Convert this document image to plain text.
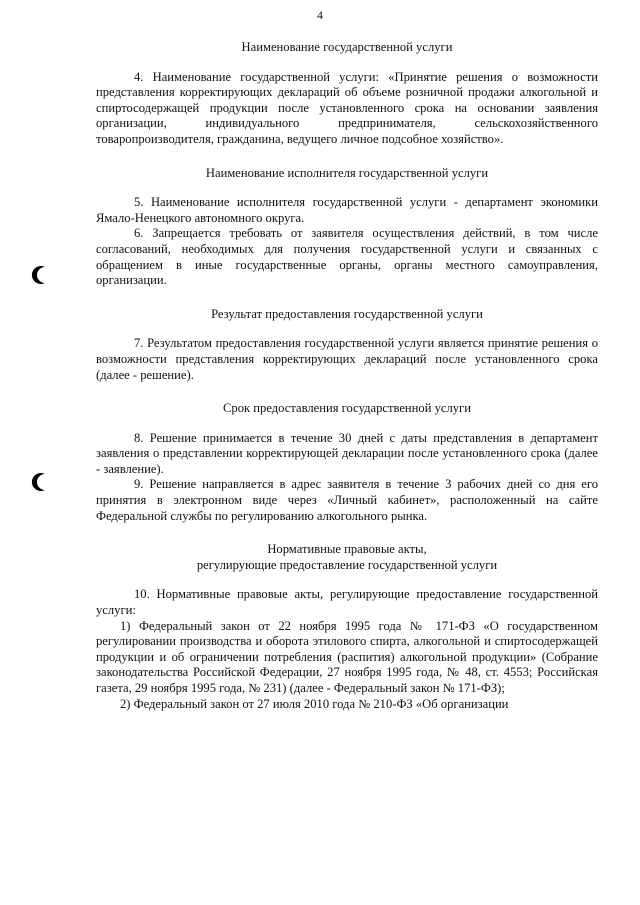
4

Наименование государственной услуги

4. Наименование государственной услуги: «Принятие решения о возможности представления корректирующих деклараций об объеме розничной продажи алкогольной и спиртосодержащей продукции после установленного срока на основании заявления организации, индивидуального предпринимателя, сельскохозяйственного товаропроизводителя, гражданина, ведущего личное подсобное хозяйство».

Наименование исполнителя государственной услуги

5. Наименование исполнителя государственной услуги - департамент экономики Ямало-Ненецкого автономного округа.

6. Запрещается требовать от заявителя осуществления действий, в том числе согласований, необходимых для получения государственной услуги и связанных с обращением в иные государственные органы, органы местного самоуправления, организации.

Результат предоставления государственной услуги

7. Результатом предоставления государственной услуги является принятие решения о возможности представления корректирующих деклараций после установленного срока (далее - решение).

Срок предоставления государственной услуги

8. Решение принимается в течение 30 дней с даты представления в департамент заявления о представлении корректирующей декларации после установленного срока (далее - заявление).

9. Решение направляется в адрес заявителя в течение 3 рабочих дней со дня его принятия в электронном виде через «Личный кабинет», расположенный на сайте Федеральной службы по регулированию алкогольного рынка.

Нормативные правовые акты,

регулирующие предоставление государственной услуги

10. Нормативные правовые акты, регулирующие предоставление государственной услуги:

1) Федеральный закон от 22 ноября 1995 года № 171-ФЗ «О государственном регулировании производства и оборота этилового спирта, алкогольной и спиртосодержащей продукции и об ограничении потребления (распития) алкогольной продукции» (Собрание законодательства Российской Федерации, 27 ноября 1995 года, № 48, ст. 4553; Российская газета, 29 ноября 1995 года, № 231) (далее - Федеральный закон № 171-ФЗ);

2) Федеральный закон от 27 июля 2010 года № 210-ФЗ «Об организации
